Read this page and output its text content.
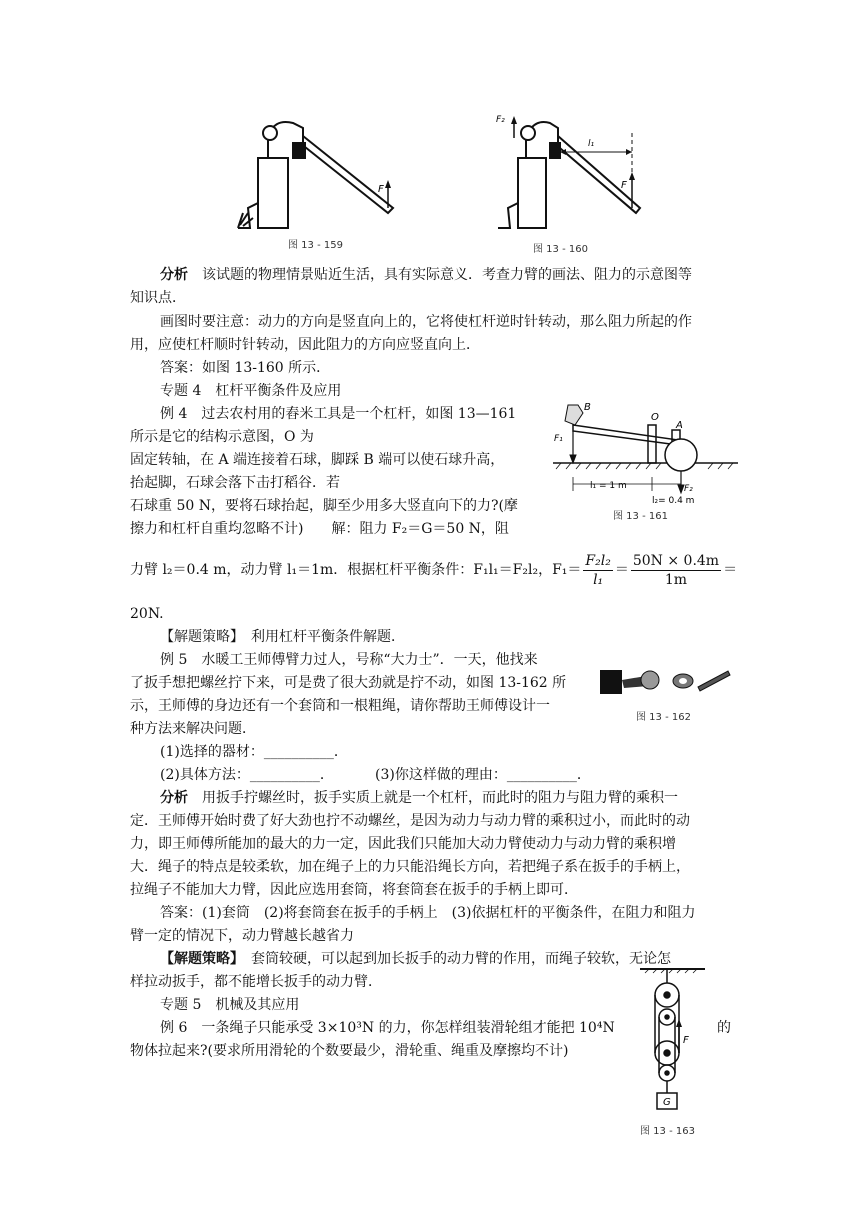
F
图 13 - 159
F₂
l₁
F
图 13 - 160
分析　该试题的物理情景贴近生活，具有实际意义．考查力臂的画法、阻力的示意图等
知识点．
画图时要注意：动力的方向是竖直向上的，它将使杠杆逆时针转动，那么阻力所起的作
用，应使杠杆顺时针转动，因此阻力的方向应竖直向上．
答案：如图 13-160 所示．
专题 4　杠杆平衡条件及应用
例 4　过去农村用的舂米工具是一个杠杆，如图 13—161
所示是它的结构示意图，O 为
固定转轴，在 A 端连接着石球，脚踩 B 端可以使石球升高，
抬起脚，石球会落下击打稻谷．若
石球重 50 N，要将石球抬起，脚至少用多大竖直向下的力?(摩
擦力和杠杆自重均忽略不计)　　解：阻力 F₂＝G＝50 N，阻
B
O
A
F₁
F₂
l₁ = 1 m
l₂= 0.4 m
图 13 - 161
力臂 l₂＝0.4 m，动力臂 l₁＝1m．根据杠杆平衡条件：F₁l₁＝F₂l₂，$F_1= \frac{\text{F₂l₂}}{\text{l₁}} = \frac{50N \times 0.4m}{1m}$ ＝
20N.
【解题策略】　利用杠杆平衡条件解题．
例 5　水暖工王师傅臂力过人，号称“大力士”．一天，他找来
了扳手想把螺丝拧下来，可是费了很大劲就是拧不动，如图 13-162 所
示，王师傅的身边还有一个套筒和一根粗绳，请你帮助王师傅设计一
种方法来解决问题．
图 13 - 162
(1)选择的器材：__________．
(2)具体方法：__________．	(3)你这样做的理由：__________．
分析　用扳手拧螺丝时，扳手实质上就是一个杠杆，而此时的阻力与阻力臂的乘积一
定．王师傅开始时费了好大劲也拧不动螺丝，是因为动力与动力臂的乘积过小，而此时的动
力，即王师傅所能加的最大的力一定，因此我们只能加大动力臂使动力与动力臂的乘积增
大．绳子的特点是较柔软，加在绳子上的力只能沿绳长方向，若把绳子系在扳手的手柄上，
拉绳子不能加大力臂，因此应选用套筒，将套筒套在扳手的手柄上即可．
答案：(1)套筒　(2)将套筒套在扳手的手柄上　(3)依据杠杆的平衡条件，在阻力和阻力
臂一定的情况下，动力臂越长越省力
【解题策略】　套筒较硬，可以起到加长扳手的动力臂的作用，而绳子较软，无论怎
样拉动扳手，都不能增长扳手的动力臂．
专题 5　机械及其应用
例 6　一条绳子只能承受 3×10³N 的力，你怎样组装滑轮组才能把 10⁴N	的
物体拉起来?(要求所用滑轮的个数要最少，滑轮重、绳重及摩擦均不计)
F
G
图 13 - 163
